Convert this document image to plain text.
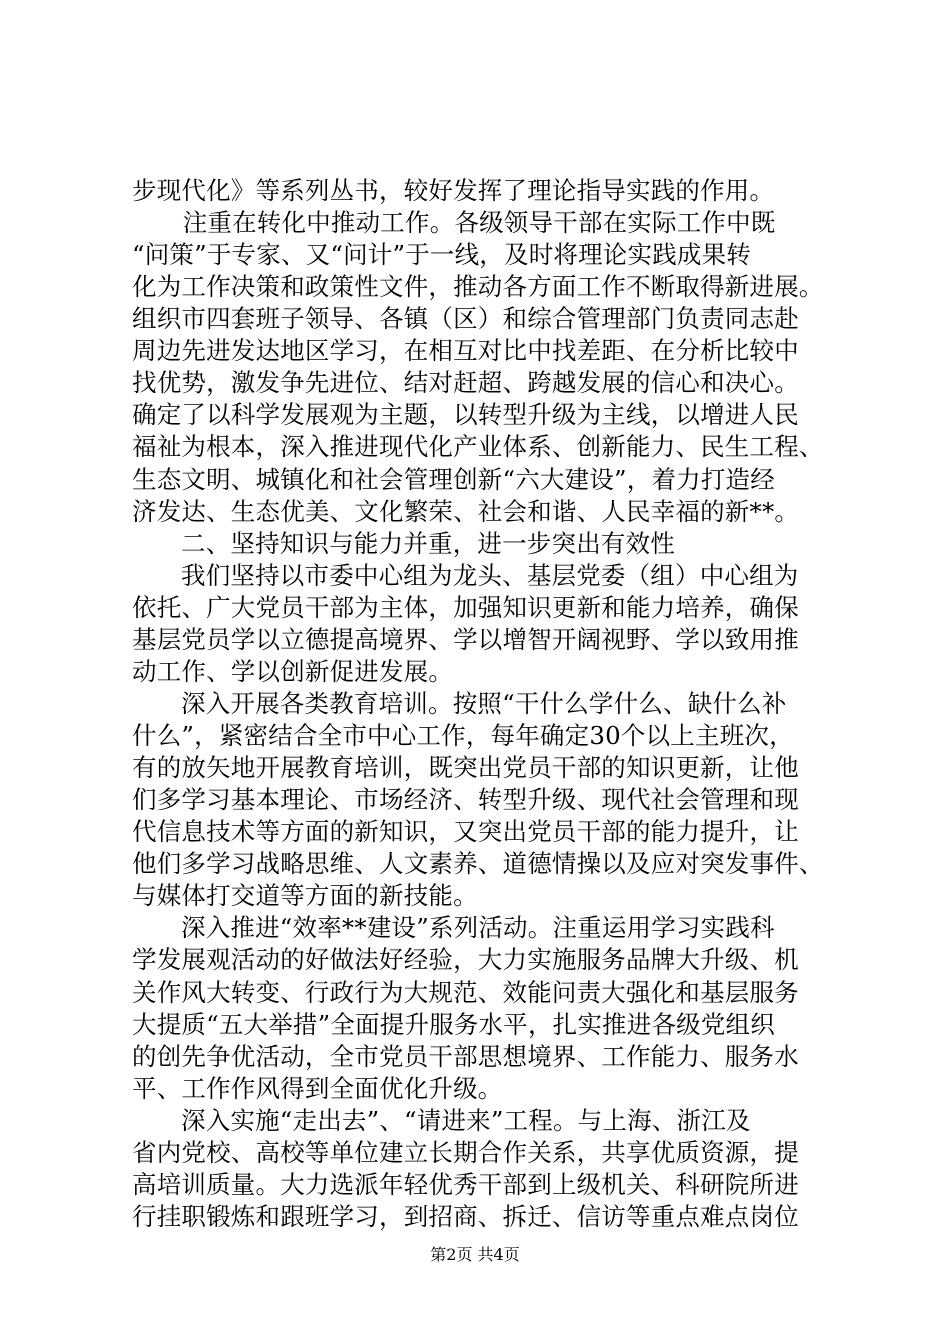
步现代化》等系列丛书，较好发挥了理论指导实践的作用。
　注重在转化中推动工作。各级领导干部在实际工作中既
“问策”于专家、又“问计”于一线，及时将理论实践成果转
化为工作决策和政策性文件，推动各方面工作不断取得新进展。
组织市四套班子领导、各镇（区）和综合管理部门负责同志赴
周边先进发达地区学习，在相互对比中找差距、在分析比较中
找优势，激发争先进位、结对赶超、跨越发展的信心和决心。
确定了以科学发展观为主题，以转型升级为主线，以增进人民
福祉为根本，深入推进现代化产业体系、创新能力、民生工程、
生态文明、城镇化和社会管理创新“六大建设”，着力打造经
济发达、生态优美、文化繁荣、社会和谐、人民幸福的新**。
二、坚持知识与能力并重，进一步突出有效性
我们坚持以市委中心组为龙头、基层党委（组）中心组为
依托、广大党员干部为主体，加强知识更新和能力培养，确保
基层党员学以立德提高境界、学以增智开阔视野、学以致用推
动工作、学以创新促进发展。
深入开展各类教育培训。按照“干什么学什么、缺什么补
什么”，紧密结合全市中心工作，每年确定30个以上主班次，
有的放矢地开展教育培训，既突出党员干部的知识更新，让他
们多学习基本理论、市场经济、转型升级、现代社会管理和现
代信息技术等方面的新知识，又突出党员干部的能力提升，让
他们多学习战略思维、人文素养、道德情操以及应对突发事件、
与媒体打交道等方面的新技能。
深入推进“效率**建设”系列活动。注重运用学习实践科
学发展观活动的好做法好经验，大力实施服务品牌大升级、机
关作风大转变、行政行为大规范、效能问责大强化和基层服务
大提质“五大举措”全面提升服务水平，扎实推进各级党组织
的创先争优活动，全市党员干部思想境界、工作能力、服务水
平、工作作风得到全面优化升级。
深入实施“走出去”、“请进来”工程。与上海、浙江及
省内党校、高校等单位建立长期合作关系，共享优质资源，提
高培训质量。大力选派年轻优秀干部到上级机关、科研院所进
行挂职锻炼和跟班学习，到招商、拆迁、信访等重点难点岗位
第2页 共4页
